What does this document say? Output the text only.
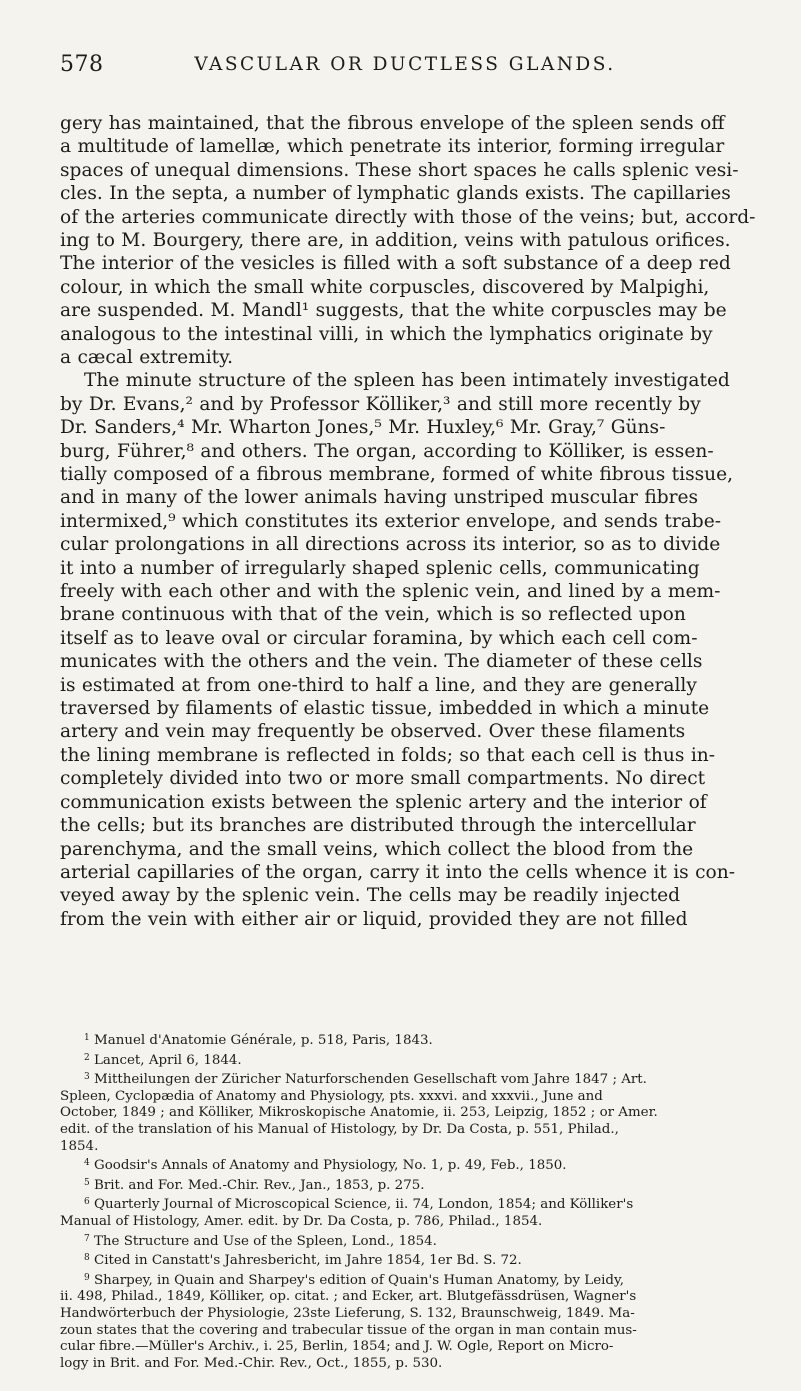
578	VASCULAR OR DUCTLESS GLANDS.

gery has maintained, that the fibrous envelope of the spleen sends off
a multitude of lamellæ, which penetrate its interior, forming irregular
spaces of unequal dimensions. These short spaces he calls splenic vesi-
cles. In the septa, a number of lymphatic glands exists. The capillaries
of the arteries communicate directly with those of the veins; but, accord-
ing to M. Bourgery, there are, in addition, veins with patulous orifices.
The interior of the vesicles is filled with a soft substance of a deep red
colour, in which the small white corpuscles, discovered by Malpighi,
are suspended. M. Mandl¹ suggests, that the white corpuscles may be
analogous to the intestinal villi, in which the lymphatics originate by
a cæcal extremity.

The minute structure of the spleen has been intimately investigated
by Dr. Evans,² and by Professor Kölliker,³ and still more recently by
Dr. Sanders,⁴ Mr. Wharton Jones,⁵ Mr. Huxley,⁶ Mr. Gray,⁷ Güns-
burg, Führer,⁸ and others. The organ, according to Kölliker, is essen-
tially composed of a fibrous membrane, formed of white fibrous tissue,
and in many of the lower animals having unstriped muscular fibres
intermixed,⁹ which constitutes its exterior envelope, and sends trabe-
cular prolongations in all directions across its interior, so as to divide
it into a number of irregularly shaped splenic cells, communicating
freely with each other and with the splenic vein, and lined by a mem-
brane continuous with that of the vein, which is so reflected upon
itself as to leave oval or circular foramina, by which each cell com-
municates with the others and the vein. The diameter of these cells
is estimated at from one-third to half a line, and they are generally
traversed by filaments of elastic tissue, imbedded in which a minute
artery and vein may frequently be observed. Over these filaments
the lining membrane is reflected in folds; so that each cell is thus in-
completely divided into two or more small compartments. No direct
communication exists between the splenic artery and the interior of
the cells; but its branches are distributed through the intercellular
parenchyma, and the small veins, which collect the blood from the
arterial capillaries of the organ, carry it into the cells whence it is con-
veyed away by the splenic vein. The cells may be readily injected
from the vein with either air or liquid, provided they are not filled

$^1$ Manuel d'Anatomie Générale, p. 518, Paris, 1843.

$^2$ Lancet, April 6, 1844.

$^3$ Mittheilungen der Züricher Naturforschenden Gesellschaft vom Jahre 1847 ; Art.
Spleen, Cyclopædia of Anatomy and Physiology, pts. xxxvi. and xxxvii., June and
October, 1849 ; and Kölliker, Mikroskopische Anatomie, ii. 253, Leipzig, 1852 ; or Amer.
edit. of the translation of his Manual of Histology, by Dr. Da Costa, p. 551, Philad.,
1854.

$^4$ Goodsir's Annals of Anatomy and Physiology, No. 1, p. 49, Feb., 1850.

$^5$ Brit. and For. Med.-Chir. Rev., Jan., 1853, p. 275.

$^6$ Quarterly Journal of Microscopical Science, ii. 74, London, 1854; and Kölliker's
Manual of Histology, Amer. edit. by Dr. Da Costa, p. 786, Philad., 1854.

$^7$ The Structure and Use of the Spleen, Lond., 1854.

$^8$ Cited in Canstatt's Jahresbericht, im Jahre 1854, 1er Bd. S. 72.

$^9$ Sharpey, in Quain and Sharpey's edition of Quain's Human Anatomy, by Leidy,
ii. 498, Philad., 1849, Kölliker, op. citat. ; and Ecker, art. Blutgefässdrüsen, Wagner's
Handwörterbuch der Physiologie, 23ste Lieferung, S. 132, Braunschweig, 1849. Ma-
zoun states that the covering and trabecular tissue of the organ in man contain mus-
cular fibre.—Müller's Archiv., i. 25, Berlin, 1854; and J. W. Ogle, Report on Micro-
logy in Brit. and For. Med.-Chir. Rev., Oct., 1855, p. 530.
